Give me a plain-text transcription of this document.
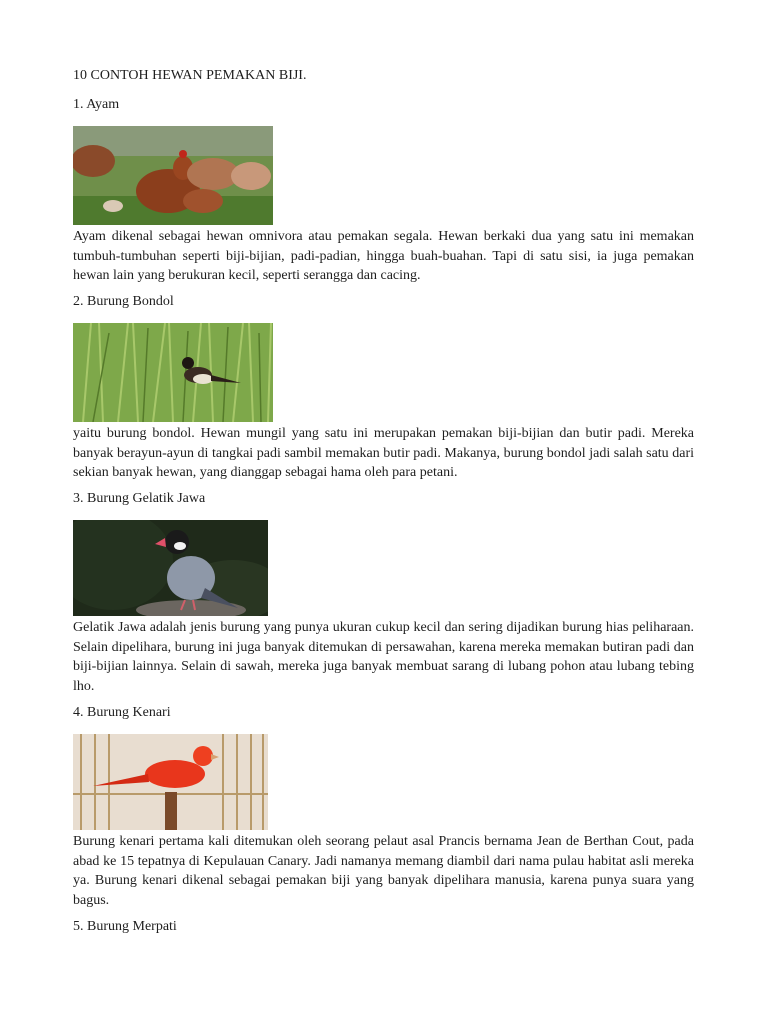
10 CONTOH HEWAN PEMAKAN BIJI.
1. Ayam

Ayam dikenal sebagai hewan omnivora atau pemakan segala. Hewan berkaki dua yang satu ini memakan tumbuh-tumbuhan seperti biji-bijian, padi-padian, hingga buah-buahan. Tapi di satu sisi, ia juga pemakan hewan lain yang berukuran kecil, seperti serangga dan cacing.

2. Burung Bondol

yaitu burung bondol. Hewan mungil yang satu ini merupakan pemakan biji-bijian dan butir padi. Mereka banyak berayun-ayun di tangkai padi sambil memakan butir padi. Makanya, burung bondol jadi salah satu dari sekian banyak hewan, yang dianggap sebagai hama oleh para petani.

3. Burung Gelatik Jawa

Gelatik Jawa adalah jenis burung yang punya ukuran cukup kecil dan sering dijadikan burung hias peliharaan. Selain dipelihara, burung ini juga banyak ditemukan di persawahan, karena mereka memakan butiran padi dan biji-bijian lainnya. Selain di sawah, mereka juga banyak membuat sarang di lubang pohon atau lubang tebing lho.

4. Burung Kenari

Burung kenari pertama kali ditemukan oleh seorang pelaut asal Prancis bernama Jean de Berthan Cout, pada abad ke 15 tepatnya di Kepulauan Canary. Jadi namanya memang diambil dari nama pulau habitat asli mereka ya. Burung kenari dikenal sebagai pemakan biji yang banyak dipelihara manusia, karena punya suara yang bagus.

5. Burung Merpati
